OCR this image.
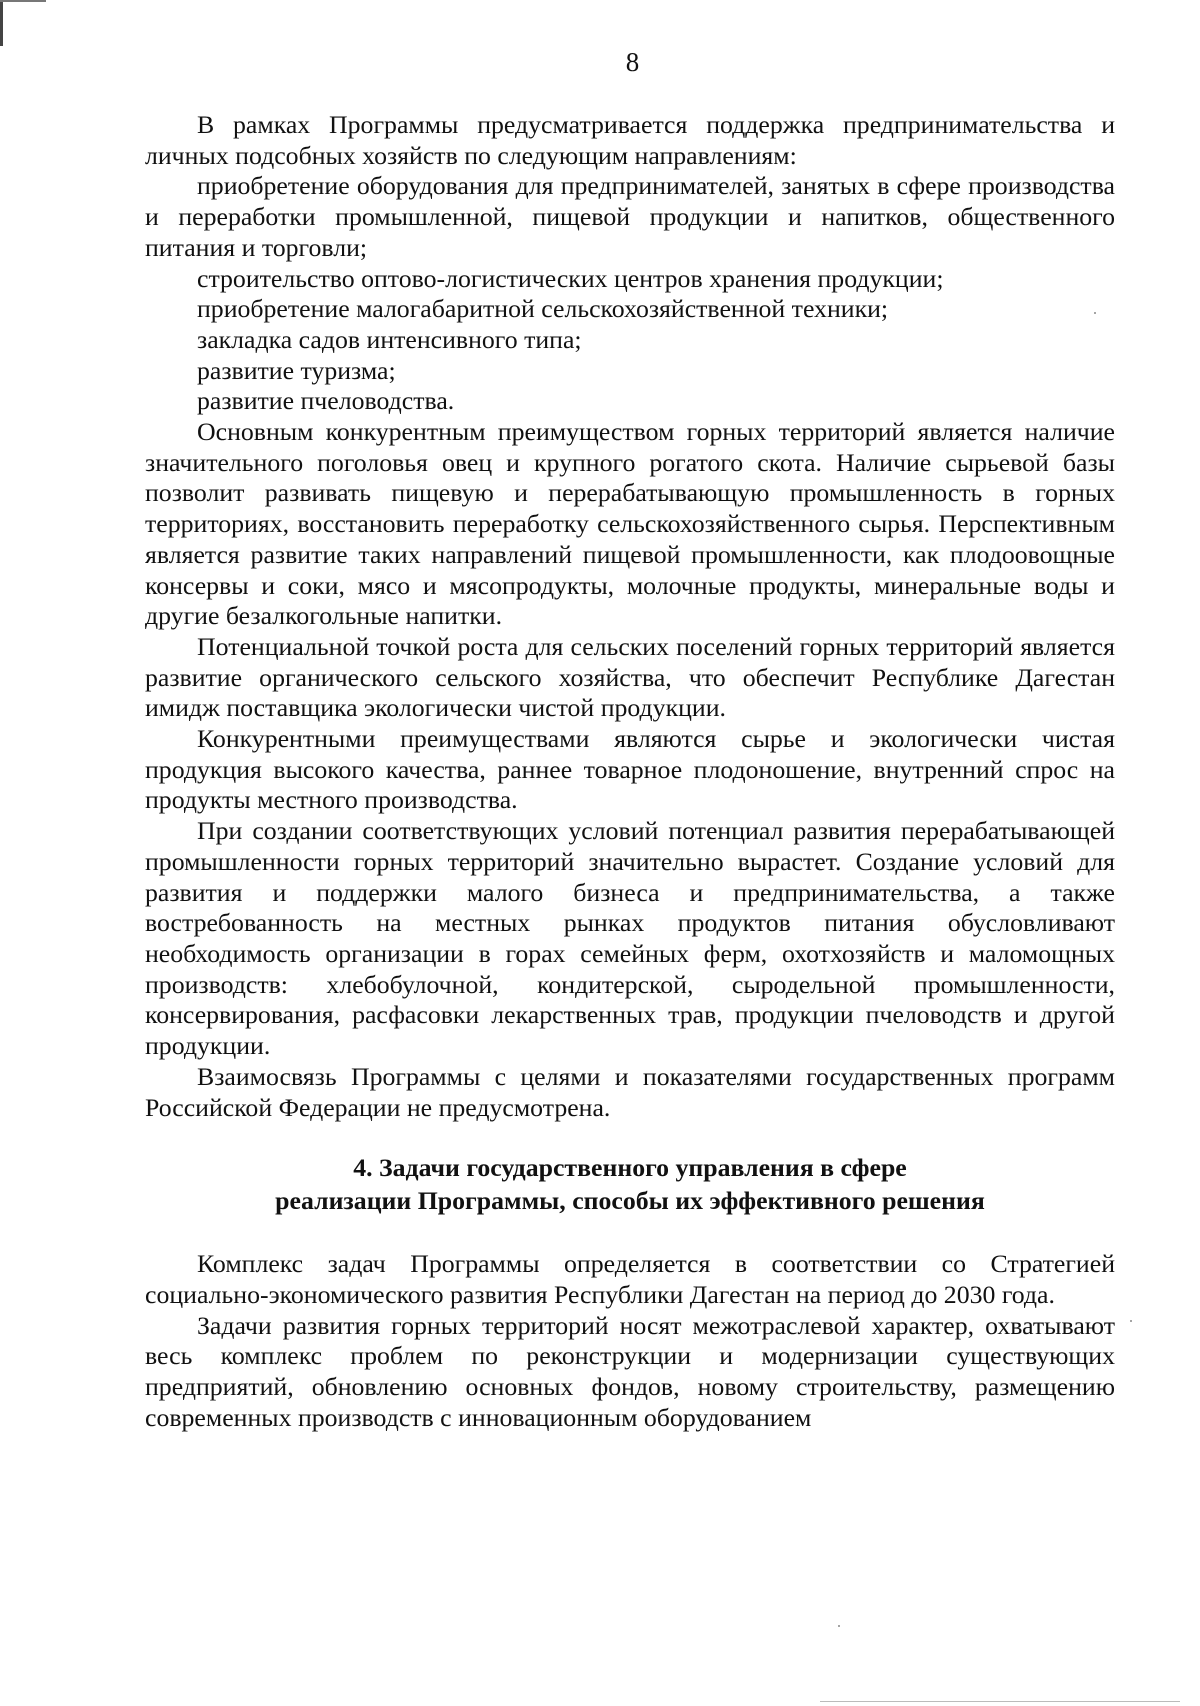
8

В рамках Программы предусматривается поддержка предпринимательства и личных подсобных хозяйств по следующим направлениям:

приобретение оборудования для предпринимателей, занятых в сфере производства и переработки промышленной, пищевой продукции и напитков, общественного питания и торговли;

строительство оптово-логистических центров хранения продукции;

приобретение малогабаритной сельскохозяйственной техники;

закладка садов интенсивного типа;

развитие туризма;

развитие пчеловодства.

Основным конкурентным преимуществом горных территорий является наличие значительного поголовья овец и крупного рогатого скота. Наличие сырьевой базы позволит развивать пищевую и перерабатывающую промышленность в горных территориях, восстановить переработку сельскохозяйственного сырья. Перспективным является развитие таких направлений пищевой промышленности, как плодоовощные консервы и соки, мясо и мясопродукты, молочные продукты, минеральные воды и другие безалкогольные напитки.

Потенциальной точкой роста для сельских поселений горных территорий является развитие органического сельского хозяйства, что обеспечит Республике Дагестан имидж поставщика экологически чистой продукции.

Конкурентными преимуществами являются сырье и экологически чистая продукция высокого качества, раннее товарное плодоношение, внутренний спрос на продукты местного производства.

При создании соответствующих условий потенциал развития перерабатывающей промышленности горных территорий значительно вырастет. Создание условий для развития и поддержки малого бизнеса и предпринимательства, а также востребованность на местных рынках продуктов питания обусловливают необходимость организации в горах семейных ферм, охотхозяйств и маломощных производств: хлебобулочной, кондитерской, сыродельной промышленности, консервирования, расфасовки лекарственных трав, продукции пчеловодств и другой продукции.

Взаимосвязь Программы с целями и показателями государственных программ Российской Федерации не предусмотрена.

4. Задачи государственного управления в сфере
реализации Программы, способы их эффективного решения

Комплекс задач Программы определяется в соответствии со Стратегией социально-экономического развития Республики Дагестан на период до 2030 года.

Задачи развития горных территорий носят межотраслевой характер, охватывают весь комплекс проблем по реконструкции и модернизации существующих предприятий, обновлению основных фондов, новому строительству, размещению современных производств с инновационным оборудованием
